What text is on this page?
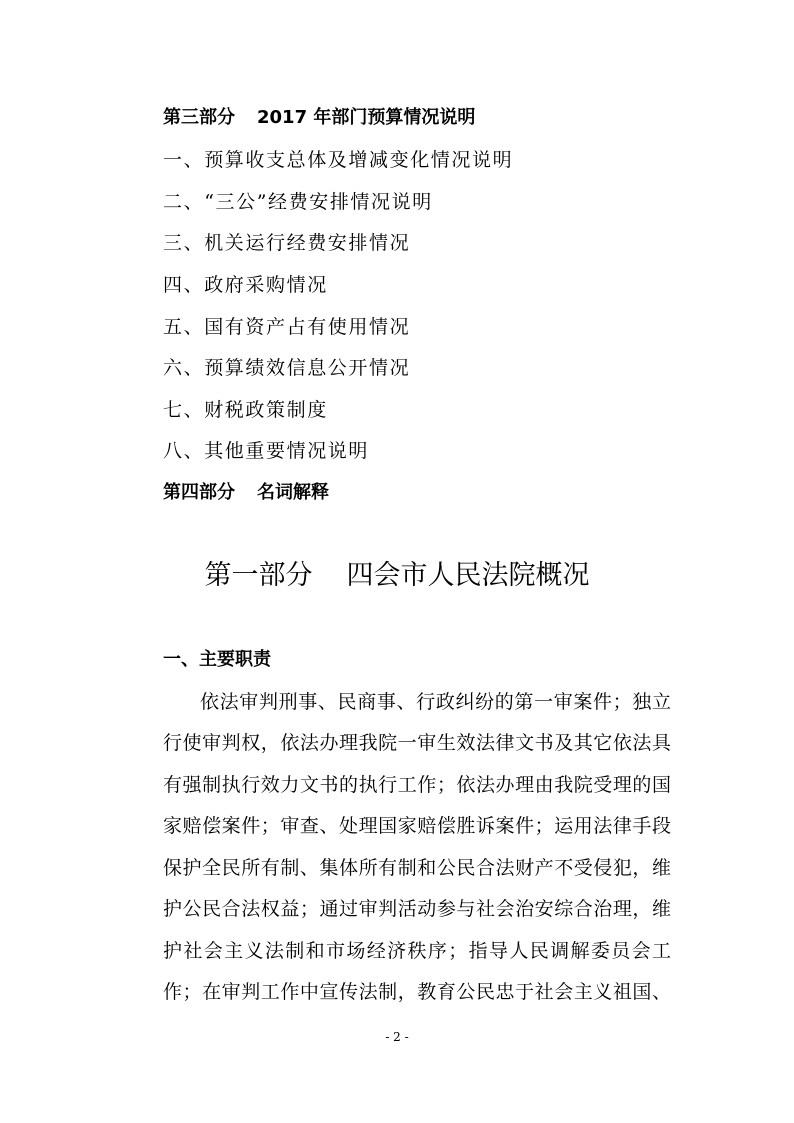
第三部分 2017 年部门预算情况说明
一、预算收支总体及增减变化情况说明
二、“三公”经费安排情况说明
三、机关运行经费安排情况
四、政府采购情况
五、国有资产占有使用情况
六、预算绩效信息公开情况
七、财税政策制度
八、其他重要情况说明
第四部分 名词解释
第一部分 四会市人民法院概况
一、主要职责
依法审判刑事、民商事、行政纠纷的第一审案件；独立
行使审判权，依法办理我院一审生效法律文书及其它依法具
有强制执行效力文书的执行工作；依法办理由我院受理的国
家赔偿案件；审查、处理国家赔偿胜诉案件；运用法律手段
保护全民所有制、集体所有制和公民合法财产不受侵犯，维
护公民合法权益；通过审判活动参与社会治安综合治理，维
护社会主义法制和市场经济秩序；指导人民调解委员会工
作；在审判工作中宣传法制，教育公民忠于社会主义祖国、
- 2 -
